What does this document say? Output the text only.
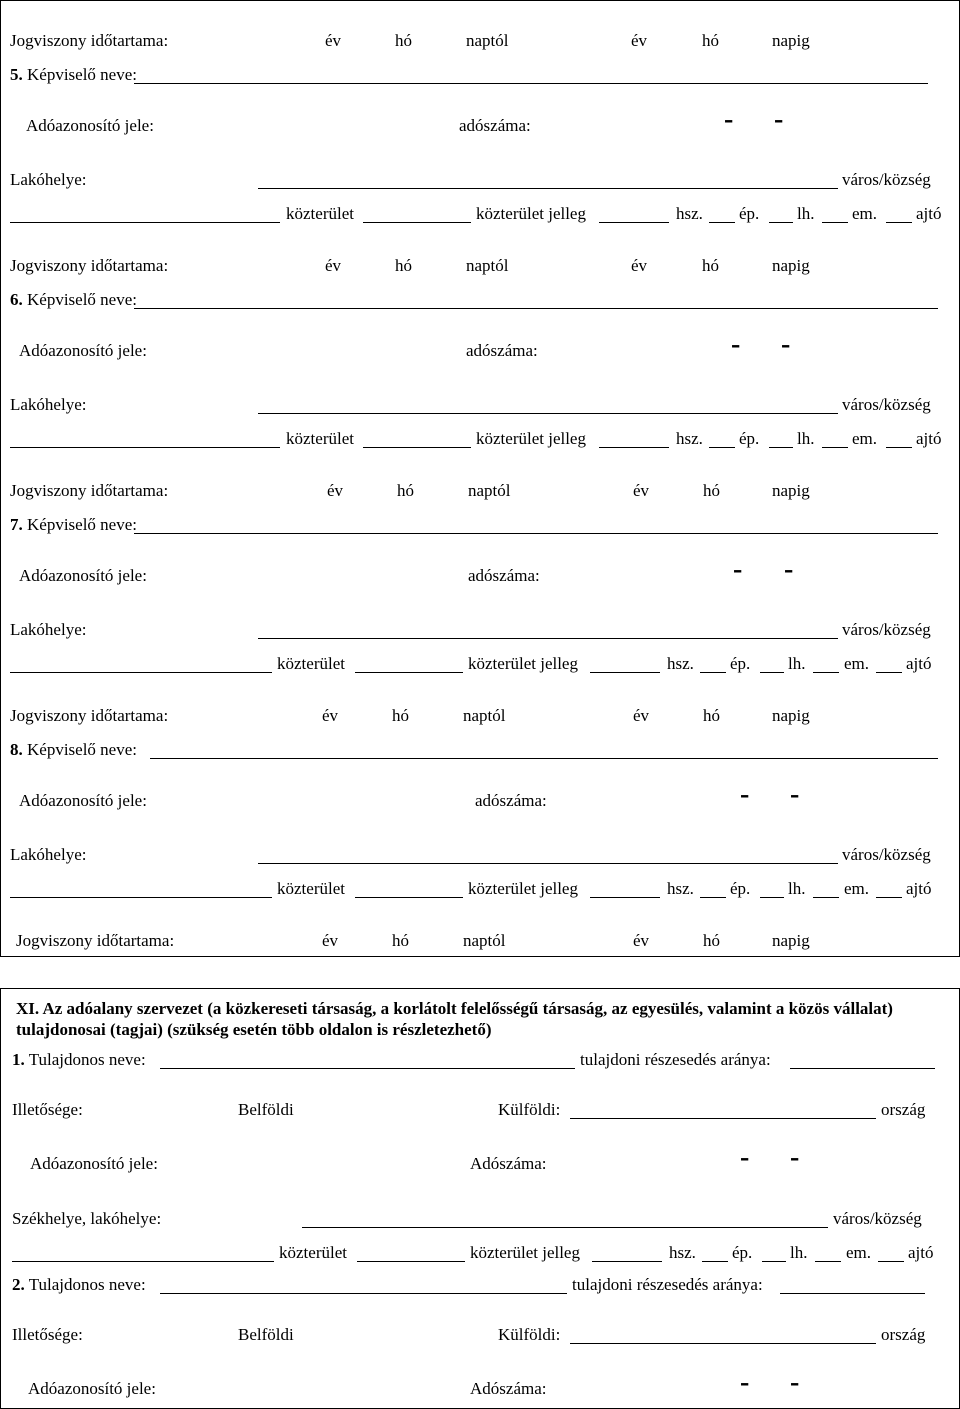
Jogviszony időtartama:	év	hó	naptól	év	hó	napig
5. Képviselő neve:
Adóazonosító jele:	adószáma:	- -
Lakóhelye:	város/község
közterület	közterület jelleg	hsz. ép. lh. em. ajtó
Jogviszony időtartama:	év	hó	naptól	év	hó	napig
6. Képviselő neve:
Adóazonosító jele:	adószáma:	- -
Lakóhelye:	város/község
közterület	közterület jelleg	hsz. ép. lh. em. ajtó
Jogviszony időtartama:	év	hó	naptól	év	hó	napig
7. Képviselő neve:
Adóazonosító jele:	adószáma:	- -
Lakóhelye:	város/község
közterület	közterület jelleg	hsz. ép. lh. em. ajtó
Jogviszony időtartama:	év	hó	naptól	év	hó	napig
8. Képviselő neve:
Adóazonosító jele:	adószáma:	- -
Lakóhelye:	város/község
közterület	közterület jelleg	hsz. ép. lh. em. ajtó
Jogviszony időtartama:	év	hó	naptól	év	hó	napig
XI. Az adóalany szervezet (a közkereseti társaság, a korlátolt felelősségű társaság, az egyesülés, valamint a közös vállalat) tulajdonosai (tagjai) (szükség esetén több oldalon is részletezhető)
1. Tulajdonos neve:	tulajdoni részesedés aránya:
Illetősége:	Belföldi	Külföldi:	ország
Adóazonosító jele:	Adószáma:	- -
Székhelye, lakóhelye:	város/község
közterület	közterület jelleg	hsz. ép. lh. em. ajtó
2. Tulajdonos neve:	tulajdoni részesedés aránya:
Illetősége:	Belföldi	Külföldi:	ország
Adóazonosító jele:	Adószáma:	- -
